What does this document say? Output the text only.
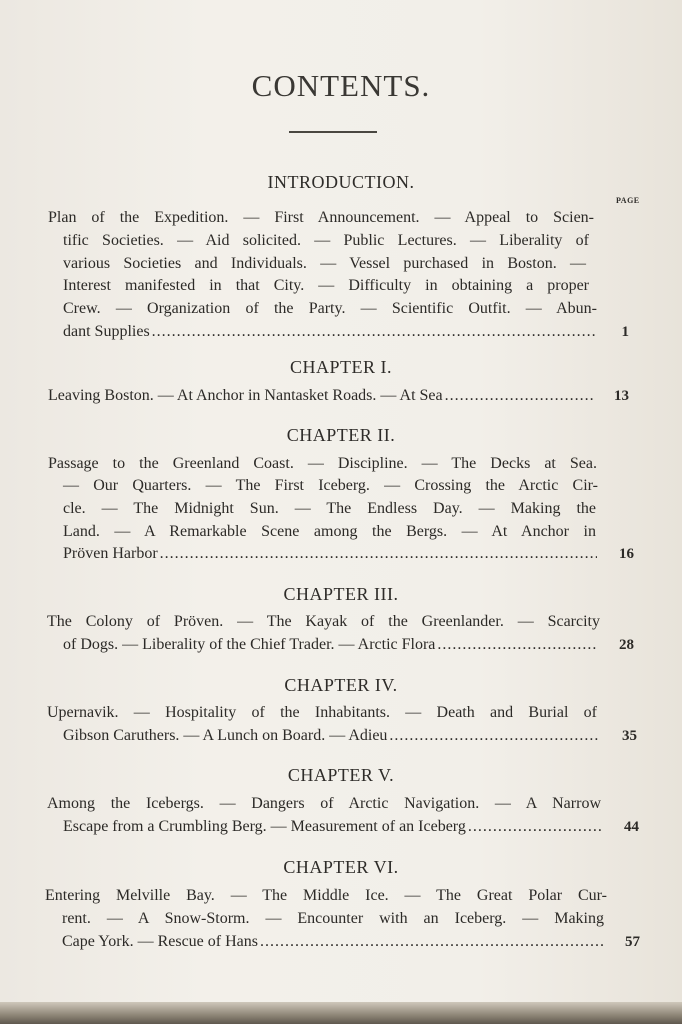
CONTENTS.
INTRODUCTION.
PAGE
Plan of the Expedition. — First Announcement. — Appeal to Scien-
tific Societies. — Aid solicited. — Public Lectures. — Liberality of
various Societies and Individuals. — Vessel purchased in Boston. —
Interest manifested in that City. — Difficulty in obtaining a proper
Crew. — Organization of the Party. — Scientific Outfit. — Abun-
dant Supplies . . .	1
CHAPTER I.
Leaving Boston. — At Anchor in Nantasket Roads. — At Sea . . .	13
CHAPTER II.
Passage to the Greenland Coast. — Discipline. — The Decks at Sea.
— Our Quarters. — The First Iceberg. — Crossing the Arctic Cir-
cle. — The Midnight Sun. — The Endless Day. — Making the
Land. — A Remarkable Scene among the Bergs. — At Anchor in
Pröven Harbor . . .	16
CHAPTER III.
The Colony of Pröven. — The Kayak of the Greenlander. — Scarcity
of Dogs. — Liberality of the Chief Trader. — Arctic Flora . . .	28
CHAPTER IV.
Upernavik. — Hospitality of the Inhabitants. — Death and Burial of
Gibson Caruthers. — A Lunch on Board. — Adieu . . .	35
CHAPTER V.
Among the Icebergs. — Dangers of Arctic Navigation. — A Narrow
Escape from a Crumbling Berg. — Measurement of an Iceberg . . .	44
CHAPTER VI.
Entering Melville Bay. — The Middle Ice. — The Great Polar Cur-
rent. — A Snow-Storm. — Encounter with an Iceberg. — Making
Cape York. — Rescue of Hans . . .	57
